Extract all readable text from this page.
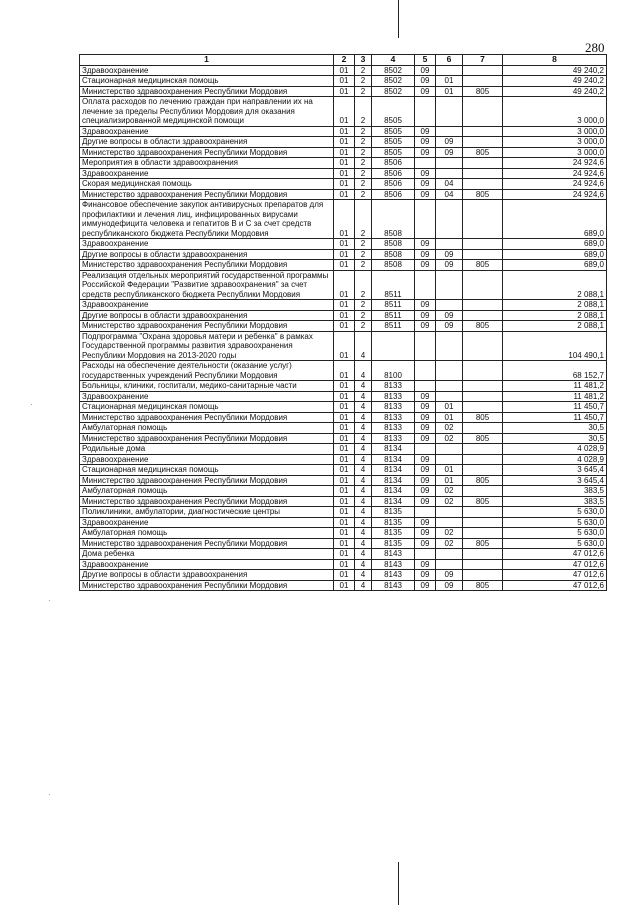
·
·
·
280
1	2	3	4	5	6	7	8
Здравоохранение	01	2	8502	09			49 240,2
Стационарная медицинская помощь	01	2	8502	09	01		49 240,2
Министерство здравоохранения Республики Мордовия	01	2	8502	09	01	805	49 240,2
Оплата расходов по лечению граждан при направлении их на лечение за пределы Республики Мордовия для оказания специализированной медицинской помощи	01	2	8505				3 000,0
Здравоохранение	01	2	8505	09			3 000,0
Другие вопросы в области здравоохранения	01	2	8505	09	09		3 000,0
Министерство здравоохранения Республики Мордовия	01	2	8505	09	09	805	3 000,0
Мероприятия в области здравоохранения	01	2	8506				24 924,6
Здравоохранение	01	2	8506	09			24 924,6
Скорая медицинская помощь	01	2	8506	09	04		24 924,6
Министерство здравоохранения Республики Мордовия	01	2	8506	09	04	805	24 924,6
Финансовое обеспечение закупок антивирусных препаратов для профилактики и лечения лиц, инфицированных вирусами иммунодефицита человека и гепатитов В и С за счет средств республиканского бюджета Республики Мордовия	01	2	8508				689,0
Здравоохранение	01	2	8508	09			689,0
Другие вопросы в области здравоохранения	01	2	8508	09	09		689,0
Министерство здравоохранения Республики Мордовия	01	2	8508	09	09	805	689,0
Реализация отдельных мероприятий государственной программы Российской Федерации "Развитие здравоохранения" за счет средств республиканского бюджета Республики Мордовия	01	2	8511				2 088,1
Здравоохранение	01	2	8511	09			2 088,1
Другие вопросы в области здравоохранения	01	2	8511	09	09		2 088,1
Министерство здравоохранения Республики Мордовия	01	2	8511	09	09	805	2 088,1
Подпрограмма "Охрана здоровья матери и ребенка" в рамках Государственной программы развития здравоохранения Республики Мордовия на 2013-2020 годы	01	4					104 490,1
Расходы на обеспечение деятельности (оказание услуг) государственных учреждений Республики Мордовия	01	4	8100				68 152,7
Больницы, клиники, госпитали, медико-санитарные части	01	4	8133				11 481,2
Здравоохранение	01	4	8133	09			11 481,2
Стационарная медицинская помощь	01	4	8133	09	01		11 450,7
Министерство здравоохранения Республики Мордовия	01	4	8133	09	01	805	11 450,7
Амбулаторная помощь	01	4	8133	09	02		30,5
Министерство здравоохранения Республики Мордовия	01	4	8133	09	02	805	30,5
Родильные дома	01	4	8134				4 028,9
Здравоохранение	01	4	8134	09			4 028,9
Стационарная медицинская помощь	01	4	8134	09	01		3 645,4
Министерство здравоохранения Республики Мордовия	01	4	8134	09	01	805	3 645,4
Амбулаторная помощь	01	4	8134	09	02		383,5
Министерство здравоохранения Республики Мордовия	01	4	8134	09	02	805	383,5
Поликлиники, амбулатории, диагностические центры	01	4	8135				5 630,0
Здравоохранение	01	4	8135	09			5 630,0
Амбулаторная помощь	01	4	8135	09	02		5 630,0
Министерство здравоохранения Республики Мордовия	01	4	8135	09	02	805	5 630,0
Дома ребенка	01	4	8143				47 012,6
Здравоохранение	01	4	8143	09			47 012,6
Другие вопросы в области здравоохранения	01	4	8143	09	09		47 012,6
Министерство здравоохранения Республики Мордовия	01	4	8143	09	09	805	47 012,6
